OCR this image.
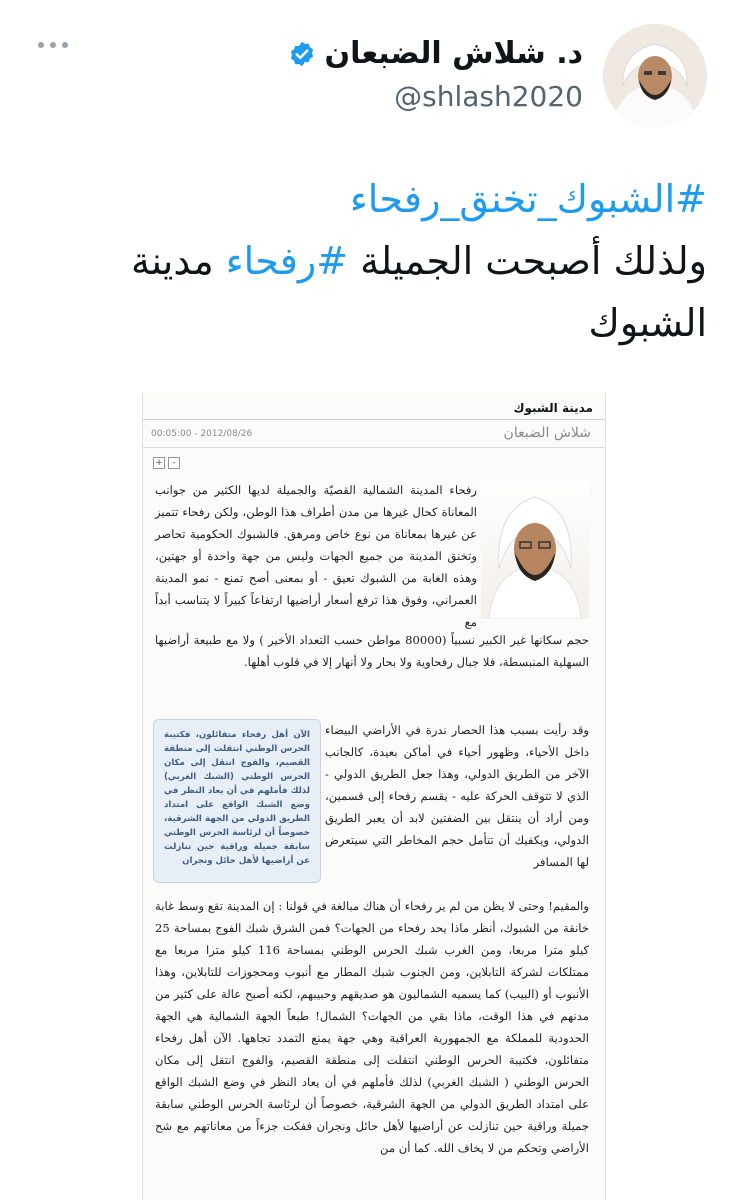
د. شلاش الضبعان
@shlash2020
#الشبوك_تخنق_رفحاء
ولذلك أصبحت الجميلة #رفحاء مدينة
الشبوك
مدينة الشبوك
شلاش الضبعان
00:05:00 - 2012/08/26
+	-

رفحاء المدينة الشمالية القصيّة والجميلة لديها الكثير من جوانب المعاناة كحال غيرها من مدن أطراف هذا الوطن، ولكن رفحاء تتميز عن غيرها بمعاناة من نوع خاص ومرهق. فالشبوك الحكومية تحاصر وتخنق المدينة من جميع الجهات وليس من جهة واحدة أو جهتين، وهذه الغابة من الشبوك تعيق - أو بمعنى أصح تمنع - نمو المدينة العمراني، وفوق هذا ترفع أسعار أراضيها ارتفاعاً كبيراً لا يتناسب أبداً مع

حجم سكانها غير الكبير نسبياً (80000 مواطن حسب التعداد الأخير ) ولا مع طبيعة أراضيها السهلية المنبسطة، فلا جبال رفحاوية ولا بحار ولا أنهار إلا في قلوب أهلها.

الآن أهل رفحاء متفائلون، فكتيبة الحرس الوطني انتقلت إلى منطقة القصيم، والفوج انتقل إلى مكان الحرس الوطني (الشبك الغربي) لذلك فأملهم في أن يعاد النظر في وضع الشبك الواقع على امتداد الطريق الدولي من الجهة الشرقية، خصوصاً أن لرئاسة الحرس الوطني سابقة جميلة وراقية حين تنازلت عن أراضيها لأهل حائل ونجران

وقد رأيت بسبب هذا الحصار ندرة في الأراضي البيضاء داخل الأحياء، وظهور أحياء في أماكن بعيدة، كالجانب الآخر من الطريق الدولي، وهذا جعل الطريق الدولي - الذي لا تتوقف الحركة عليه - يقسم رفحاء إلى قسمين، ومن أراد أن ينتقل بين الضفتين لابد أن يعبر الطريق الدولي، ويكفيك أن تتأمل حجم المخاطر التي سيتعرض لها المسافر

والمقيم! وحتى لا يظن من لم ير رفحاء أن هناك مبالغة في قولنا : إن المدينة تقع وسط غابة خانقة من الشبوك، أنظر ماذا يحد رفحاء من الجهات؟ فمن الشرق شبك الفوج بمساحة 25 كيلو مترا مربعا، ومن الغرب شبك الحرس الوطني بمساحة 116 كيلو مترا مربعا مع ممتلكات لشركة التابلاين، ومن الجنوب شبك المطار مع أنبوب ومحجوزات للتابلاين، وهذا الأنبوب أو (البيب) كما يسميه الشماليون هو صديقهم وحبيبهم، لكنه أصبح عالة على كثير من مدنهم في هذا الوقت، ماذا بقي من الجهات؟ الشمال! طبعاً الجهة الشمالية هي الجهة الحدودية للمملكة مع الجمهورية العراقية وهي جهة يمنع التمدد تجاهها. الآن أهل رفحاء متفائلون، فكتيبة الحرس الوطني انتقلت إلى منطقة القصيم، والفوج انتقل إلى مكان الحرس الوطني ( الشبك الغربي) لذلك فأملهم في أن يعاد النظر في وضع الشبك الواقع على امتداد الطريق الدولي من الجهة الشرقية، خصوصاً أن لرئاسة الحرس الوطني سابقة جميلة وراقية حين تنازلت عن أراضيها لأهل حائل ونجران ففكت جزءاً من معاناتهم مع شح الأراضي وتحكم من لا يخاف الله. كما أن من
